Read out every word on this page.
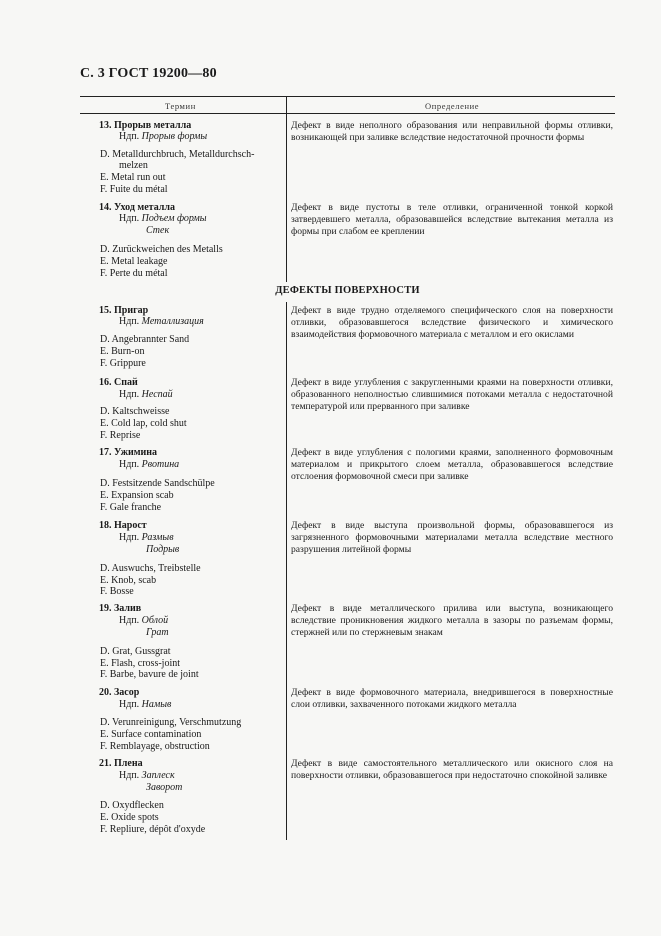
С. 3 ГОСТ 19200—80
Термин	Определение
ДЕФЕКТЫ ПОВЕРХНОСТИ
13. Прорыв металла
Ндп. Прорыв формы
D. Metalldurchbruch, Metalldurchsch-
melzen
E. Metal run out
F. Fuite du métal
Дефект в виде неполного образования или неправильной формы отливки, возникающей при заливке вследствие недостаточной прочности формы
14. Уход металла
Ндп. Подъем формы
Стек
D. Zurückweichen des Metalls
E. Metal leakage
F. Perte du métal
Дефект в виде пустоты в теле отливки, ограниченной тонкой коркой затвердевшего металла, образовавшейся вследствие вытекания металла из формы при слабом ее креплении
15. Пригар
Ндп. Металлизация
D. Angebrannter Sand
E. Burn-on
F. Grippure
Дефект в виде трудно отделяемого специфического слоя на поверхности отливки, образовавшегося вследствие физического и химического взаимодействия формовочного материала с металлом и его окислами
16. Спай
Ндп. Неспай
D. Kaltschweisse
E. Cold lap, cold shut
F. Reprise
Дефект в виде углубления с закругленными краями на поверхности отливки, образованного неполностью слившимися потоками металла с недостаточной температурой или прерванного при заливке
17. Ужимина
Ндп. Рвотина
D. Festsitzende Sandschülpe
E. Expansion scab
F. Gale franche
Дефект в виде углубления с пологими краями, заполненного формовочным материалом и прикрытого слоем металла, образовавшегося вследствие отслоения формовочной смеси при заливке
18. Нарост
Ндп. Размыв
Подрыв
D. Auswuchs, Treibstelle
E. Knob, scab
F. Bosse
Дефект в виде выступа произвольной формы, образовавшегося из загрязненного формовочными материалами металла вследствие местного разрушения литейной формы
19. Залив
Ндп. Облой
Грат
D. Grat, Gussgrat
E. Flash, cross-joint
F. Barbe, bavure de joint
Дефект в виде металлического прилива или выступа, возникающего вследствие проникновения жидкого металла в зазоры по разъемам формы, стержней или по стержневым знакам
20. Засор
Ндп. Намыв
D. Verunreinigung, Verschmutzung
E. Surface contamination
F. Remblayage, obstruction
Дефект в виде формовочного материала, внедрившегося в поверхностные слои отливки, захваченного потоками жидкого металла
21. Плена
Ндп. Заплеск
Заворот
D. Oxydflecken
E. Oxide spots
F. Repliure, dépôt d'oxyde
Дефект в виде самостоятельного металлического или окисного слоя на поверхности отливки, образовавшегося при недостаточно спокойной заливке
